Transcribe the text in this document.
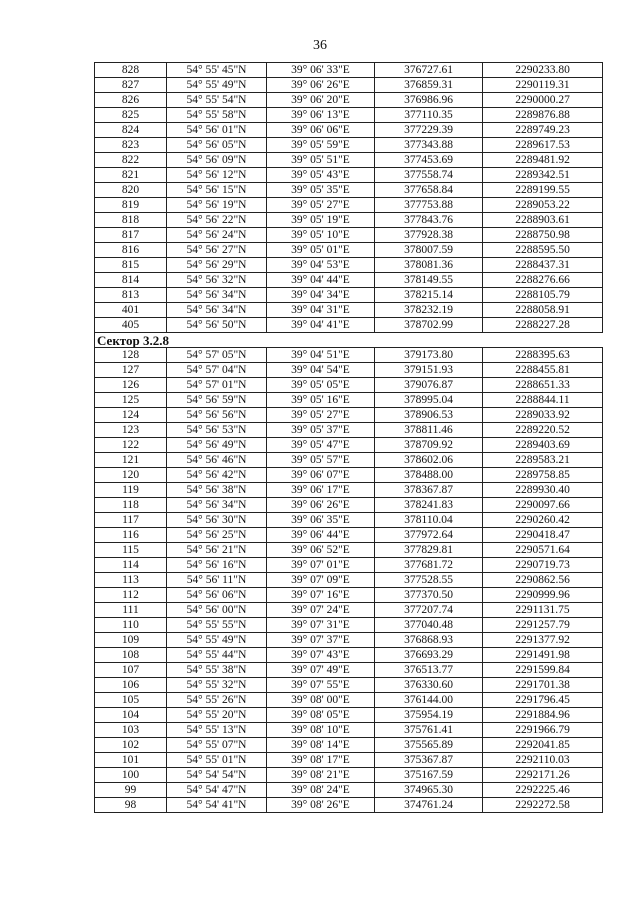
36
828	54° 55' 45"N	39° 06' 33"E	376727.61	2290233.80
827	54° 55' 49"N	39° 06' 26"E	376859.31	2290119.31
826	54° 55' 54"N	39° 06' 20"E	376986.96	2290000.27
825	54° 55' 58"N	39° 06' 13"E	377110.35	2289876.88
824	54° 56' 01"N	39° 06' 06"E	377229.39	2289749.23
823	54° 56' 05"N	39° 05' 59"E	377343.88	2289617.53
822	54° 56' 09"N	39° 05' 51"E	377453.69	2289481.92
821	54° 56' 12"N	39° 05' 43"E	377558.74	2289342.51
820	54° 56' 15"N	39° 05' 35"E	377658.84	2289199.55
819	54° 56' 19"N	39° 05' 27"E	377753.88	2289053.22
818	54° 56' 22"N	39° 05' 19"E	377843.76	2288903.61
817	54° 56' 24"N	39° 05' 10"E	377928.38	2288750.98
816	54° 56' 27"N	39° 05' 01"E	378007.59	2288595.50
815	54° 56' 29"N	39° 04' 53"E	378081.36	2288437.31
814	54° 56' 32"N	39° 04' 44"E	378149.55	2288276.66
813	54° 56' 34"N	39° 04' 34"E	378215.14	2288105.79
401	54° 56' 34"N	39° 04' 31"E	378232.19	2288058.91
405	54° 56' 50"N	39° 04' 41"E	378702.99	2288227.28
Сектор 3.2.8				
128	54° 57' 05"N	39° 04' 51"E	379173.80	2288395.63
127	54° 57' 04"N	39° 04' 54"E	379151.93	2288455.81
126	54° 57' 01"N	39° 05' 05"E	379076.87	2288651.33
125	54° 56' 59"N	39° 05' 16"E	378995.04	2288844.11
124	54° 56' 56"N	39° 05' 27"E	378906.53	2289033.92
123	54° 56' 53"N	39° 05' 37"E	378811.46	2289220.52
122	54° 56' 49"N	39° 05' 47"E	378709.92	2289403.69
121	54° 56' 46"N	39° 05' 57"E	378602.06	2289583.21
120	54° 56' 42"N	39° 06' 07"E	378488.00	2289758.85
119	54° 56' 38"N	39° 06' 17"E	378367.87	2289930.40
118	54° 56' 34"N	39° 06' 26"E	378241.83	2290097.66
117	54° 56' 30"N	39° 06' 35"E	378110.04	2290260.42
116	54° 56' 25"N	39° 06' 44"E	377972.64	2290418.47
115	54° 56' 21"N	39° 06' 52"E	377829.81	2290571.64
114	54° 56' 16"N	39° 07' 01"E	377681.72	2290719.73
113	54° 56' 11"N	39° 07' 09"E	377528.55	2290862.56
112	54° 56' 06"N	39° 07' 16"E	377370.50	2290999.96
111	54° 56' 00"N	39° 07' 24"E	377207.74	2291131.75
110	54° 55' 55"N	39° 07' 31"E	377040.48	2291257.79
109	54° 55' 49"N	39° 07' 37"E	376868.93	2291377.92
108	54° 55' 44"N	39° 07' 43"E	376693.29	2291491.98
107	54° 55' 38"N	39° 07' 49"E	376513.77	2291599.84
106	54° 55' 32"N	39° 07' 55"E	376330.60	2291701.38
105	54° 55' 26"N	39° 08' 00"E	376144.00	2291796.45
104	54° 55' 20"N	39° 08' 05"E	375954.19	2291884.96
103	54° 55' 13"N	39° 08' 10"E	375761.41	2291966.79
102	54° 55' 07"N	39° 08' 14"E	375565.89	2292041.85
101	54° 55' 01"N	39° 08' 17"E	375367.87	2292110.03
100	54° 54' 54"N	39° 08' 21"E	375167.59	2292171.26
99	54° 54' 47"N	39° 08' 24"E	374965.30	2292225.46
98	54° 54' 41"N	39° 08' 26"E	374761.24	2292272.58
